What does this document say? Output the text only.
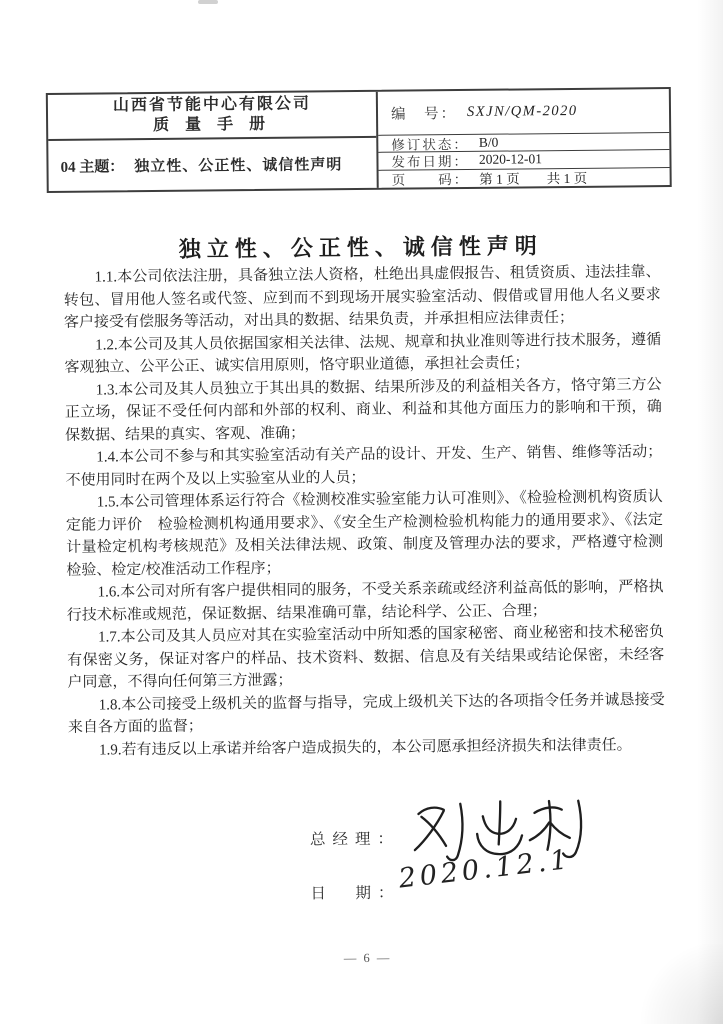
山西省节能中心有限公司
质 量 手 册
04 主题： 独立性、公正性、诚信性声明
编　号： SXJN/QM-2020
修订状态： B/0
发布日期： 2020-12-01
页　　码： 第 1 页　　共 1 页
独立性、公正性、诚信性声明

1.1.本公司依法注册，具备独立法人资格，杜绝出具虚假报告、租赁资质、违法挂靠、转包、冒用他人签名或代签、应到而不到现场开展实验室活动、假借或冒用他人名义要求客户接受有偿服务等活动，对出具的数据、结果负责，并承担相应法律责任；

1.2.本公司及其人员依据国家相关法律、法规、规章和执业准则等进行技术服务，遵循客观独立、公平公正、诚实信用原则，恪守职业道德，承担社会责任；

1.3.本公司及其人员独立于其出具的数据、结果所涉及的利益相关各方，恪守第三方公正立场，保证不受任何内部和外部的权利、商业、利益和其他方面压力的影响和干预，确保数据、结果的真实、客观、准确；

1.4.本公司不参与和其实验室活动有关产品的设计、开发、生产、销售、维修等活动；不使用同时在两个及以上实验室从业的人员；

1.5.本公司管理体系运行符合《检测校准实验室能力认可准则》、《检验检测机构资质认定能力评价　检验检测机构通用要求》、《安全生产检测检验机构能力的通用要求》、《法定计量检定机构考核规范》及相关法律法规、政策、制度及管理办法的要求，严格遵守检测检验、检定/校准活动工作程序；

1.6.本公司对所有客户提供相同的服务，不受关系亲疏或经济利益高低的影响，严格执行技术标准或规范，保证数据、结果准确可靠，结论科学、公正、合理；

1.7.本公司及其人员应对其在实验室活动中所知悉的国家秘密、商业秘密和技术秘密负有保密义务，保证对客户的样品、技术资料、数据、信息及有关结果或结论保密，未经客户同意，不得向任何第三方泄露；

1.8.本公司接受上级机关的监督与指导，完成上级机关下达的各项指令任务并诚恳接受来自各方面的监督；

1.9.若有违反以上承诺并给客户造成损失的，本公司愿承担经济损失和法律责任。

总经理：
日　期：
2020.12.1
— 6 —
